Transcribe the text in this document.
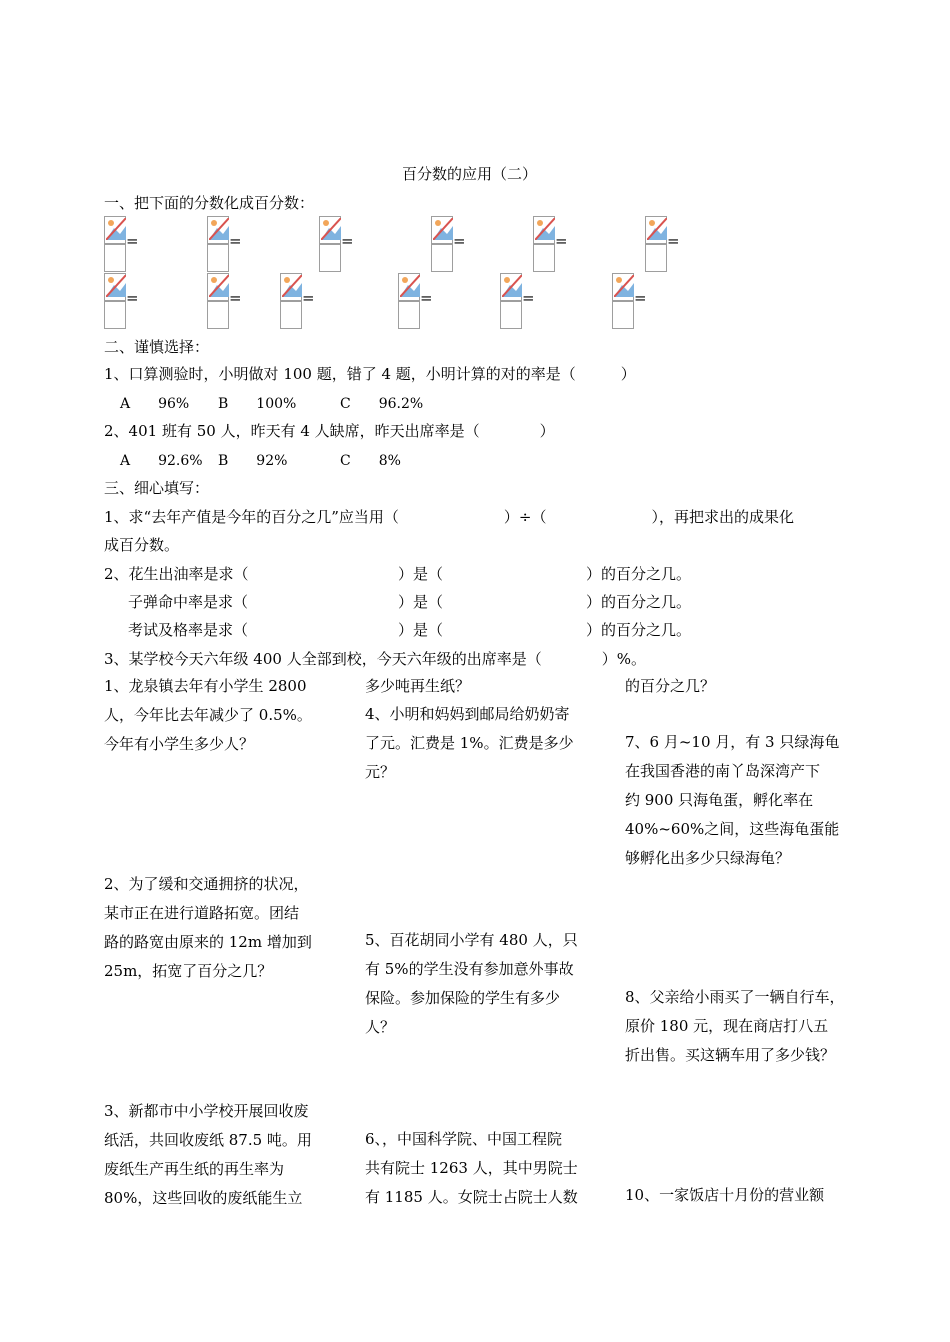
百分数的应用（二）
一、把下面的分数化成百分数：
=	=	=	=	=	=
=	=	=	=	=	=
二、谨慎选择：
1、口算测验时，小明做对 100 题，错了 4 题，小明计算的对的率是（　　　）
A　　96% B　　100%	C　　96.2%
2、401 班有 50 人，昨天有 4 人缺席，昨天出席率是（　　　　）
A　　92.6% B　　92%	C　　8%
三、细心填写：
1、求“去年产值是今年的百分之几”应当用（　　　　　　　）÷（　　　　　　　），再把求出的成果化
成百分数。
2、花生出油率是求（	）是（	）的百分之几。
子弹命中率是求（	）是（	）的百分之几。
考试及格率是求（	）是（	）的百分之几。
3、某学校今天六年级 400 人全部到校，今天六年级的出席率是（　　　　）%。

1、龙泉镇去年有小学生 2800

人，今年比去年减少了 0.5%。

今年有小学生多少人？

2、为了缓和交通拥挤的状况，

某市正在进行道路拓宽。团结

路的路宽由原来的 12m 增加到

25m，拓宽了百分之几？

3、新都市中小学校开展回收废

纸活，共回收废纸 87.5 吨。用

废纸生产再生纸的再生率为

80%，这些回收的废纸能生立

多少吨再生纸？

4、小明和妈妈到邮局给奶奶寄

了元。汇费是 1%。汇费是多少

元？

5、百花胡同小学有 480 人，只

有 5%的学生没有参加意外事故

保险。参加保险的学生有多少

人？

6、，中国科学院、中国工程院

共有院士 1263 人，其中男院士

有 1185 人。女院士占院士人数

的百分之几？

7、6 月~10 月，有 3 只绿海龟

在我国香港的南丫岛深湾产下

约 900 只海龟蛋，孵化率在

40%~60%之间，这些海龟蛋能

够孵化出多少只绿海龟？

8、父亲给小雨买了一辆自行车，

原价 180 元，现在商店打八五

折出售。买这辆车用了多少钱？

10、一家饭店十月份的营业额
